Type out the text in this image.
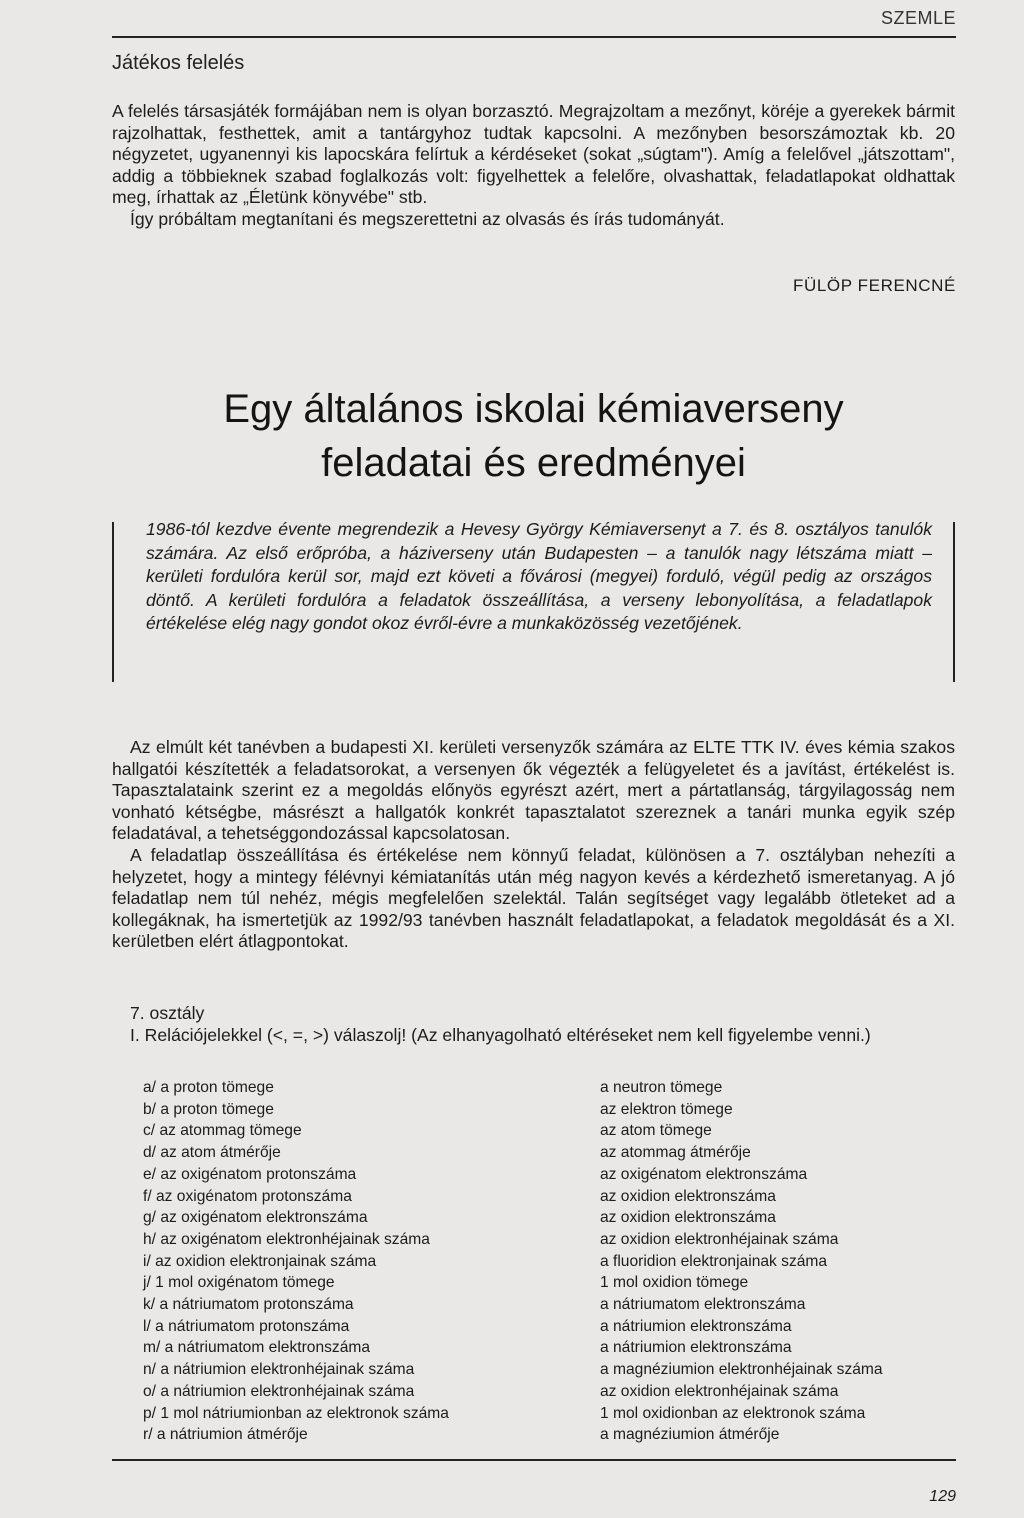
SZEMLE
Játékos felelés

A felelés társasjáték formájában nem is olyan borzasztó. Megrajzoltam a mezőnyt, köréje a gyerekek bármit rajzolhattak, festhettek, amit a tantárgyhoz tudtak kapcsolni. A mezőnyben besorszámoztak kb. 20 négyzetet, ugyanennyi kis lapocskára felírtuk a kérdéseket (sokat „súgtam"). Amíg a felelővel „játszottam", addig a többieknek szabad foglalkozás volt: figyelhettek a felelőre, olvashattak, feladatlapokat oldhattak meg, írhattak az „Életünk könyvébe" stb.

Így próbáltam megtanítani és megszerettetni az olvasás és írás tudományát.

FÜLÖP FERENCNÉ
Egy általános iskolai kémiaverseny
feladatai és eredményei

1986-tól kezdve évente megrendezik a Hevesy György Kémiaversenyt a 7. és 8. osztályos tanulók számára. Az első erőpróba, a háziverseny után Budapesten – a tanulók nagy létszáma miatt – kerületi fordulóra kerül sor, majd ezt követi a fővárosi (megyei) forduló, végül pedig az országos döntő. A kerületi fordulóra a feladatok összeállítása, a verseny lebonyolítása, a feladatlapok értékelése elég nagy gondot okoz évről-évre a munkaközösség vezetőjének.

Az elmúlt két tanévben a budapesti XI. kerületi versenyzők számára az ELTE TTK IV. éves kémia szakos hallgatói készítették a feladatsorokat, a versenyen ők végezték a felügyeletet és a javítást, értékelést is. Tapasztalataink szerint ez a megoldás előnyös egyrészt azért, mert a pártatlanság, tárgyilagosság nem vonható kétségbe, másrészt a hallgatók konkrét tapasztalatot szereznek a tanári munka egyik szép feladatával, a tehetséggondozással kapcsolatosan.

A feladatlap összeállítása és értékelése nem könnyű feladat, különösen a 7. osztályban nehezíti a helyzetet, hogy a mintegy félévnyi kémiatanítás után még nagyon kevés a kérdezhető ismeretanyag. A jó feladatlap nem túl nehéz, mégis megfelelően szelektál. Talán segítséget vagy legalább ötleteket ad a kollegáknak, ha ismertetjük az 1992/93 tanévben használt feladatlapokat, a feladatok megoldását és a XI. kerületben elért átlagpontokat.

7. osztály

I. Relációjelekkel (<, =, >) válaszolj! (Az elhanyagolható eltéréseket nem kell figyelembe venni.)

a/ a proton tömege	a neutron tömege
b/ a proton tömege	az elektron tömege
c/ az atommag tömege	az atom tömege
d/ az atom átmérője	az atommag átmérője
e/ az oxigénatom protonszáma	az oxigénatom elektronszáma
f/ az oxigénatom protonszáma	az oxidion elektronszáma
g/ az oxigénatom elektronszáma	az oxidion elektronszáma
h/ az oxigénatom elektronhéjainak száma	az oxidion elektronhéjainak száma
i/ az oxidion elektronjainak száma	a fluoridion elektronjainak száma
j/ 1 mol oxigénatom tömege	1 mol oxidion tömege
k/ a nátriumatom protonszáma	a nátriumatom elektronszáma
l/ a nátriumatom protonszáma	a nátriumion elektronszáma
m/ a nátriumatom elektronszáma	a nátriumion elektronszáma
n/ a nátriumion elektronhéjainak száma	a magnéziumion elektronhéjainak száma
o/ a nátriumion elektronhéjainak száma	az oxidion elektronhéjainak száma
p/ 1 mol nátriumionban az elektronok száma	1 mol oxidionban az elektronok száma
r/ a nátriumion átmérője	a magnéziumion átmérője
129
